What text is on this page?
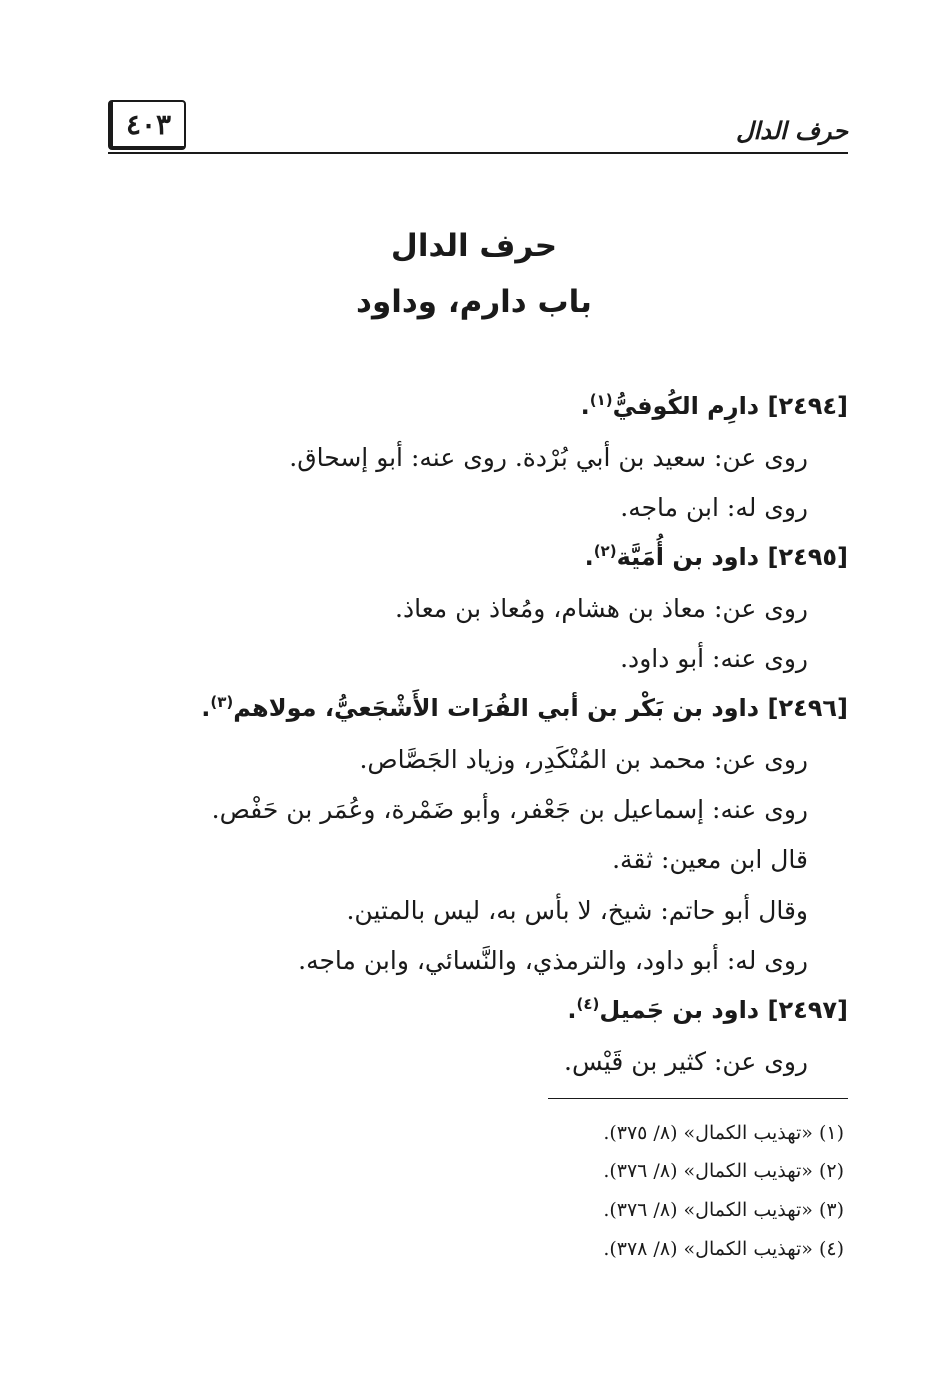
حرف الدال
٤٠٣
حرف الدال
باب دارم، وداود
[٢٤٩٤] دارِم الكُوفيُّ$^{(١)}$.
روى عن: سعيد بن أبي بُرْدة. روى عنه: أبو إسحاق.
روى له: ابن ماجه.
[٢٤٩٥] داود بن أُمَيَّة$^{(٢)}$.
روى عن: معاذ بن هشام، ومُعاذ بن معاذ.
روى عنه: أبو داود.
[٢٤٩٦] داود بن بَكْر بن أبي الفُرَات الأَشْجَعيُّ، مولاهم$^{(٣)}$.
روى عن: محمد بن المُنْكَدِر، وزياد الجَصَّاص.
روى عنه: إسماعيل بن جَعْفر، وأبو ضَمْرة، وعُمَر بن حَفْص.
قال ابن معين: ثقة.
وقال أبو حاتم: شيخ، لا بأس به، ليس بالمتين.
روى له: أبو داود، والترمذي، والنَّسائي، وابن ماجه.
[٢٤٩٧] داود بن جَميل$^{(٤)}$.
روى عن: كثير بن قَيْس.
(١) «تهذيب الكمال» (٨/ ٣٧٥).
(٢) «تهذيب الكمال» (٨/ ٣٧٦).
(٣) «تهذيب الكمال» (٨/ ٣٧٦).
(٤) «تهذيب الكمال» (٨/ ٣٧٨).
